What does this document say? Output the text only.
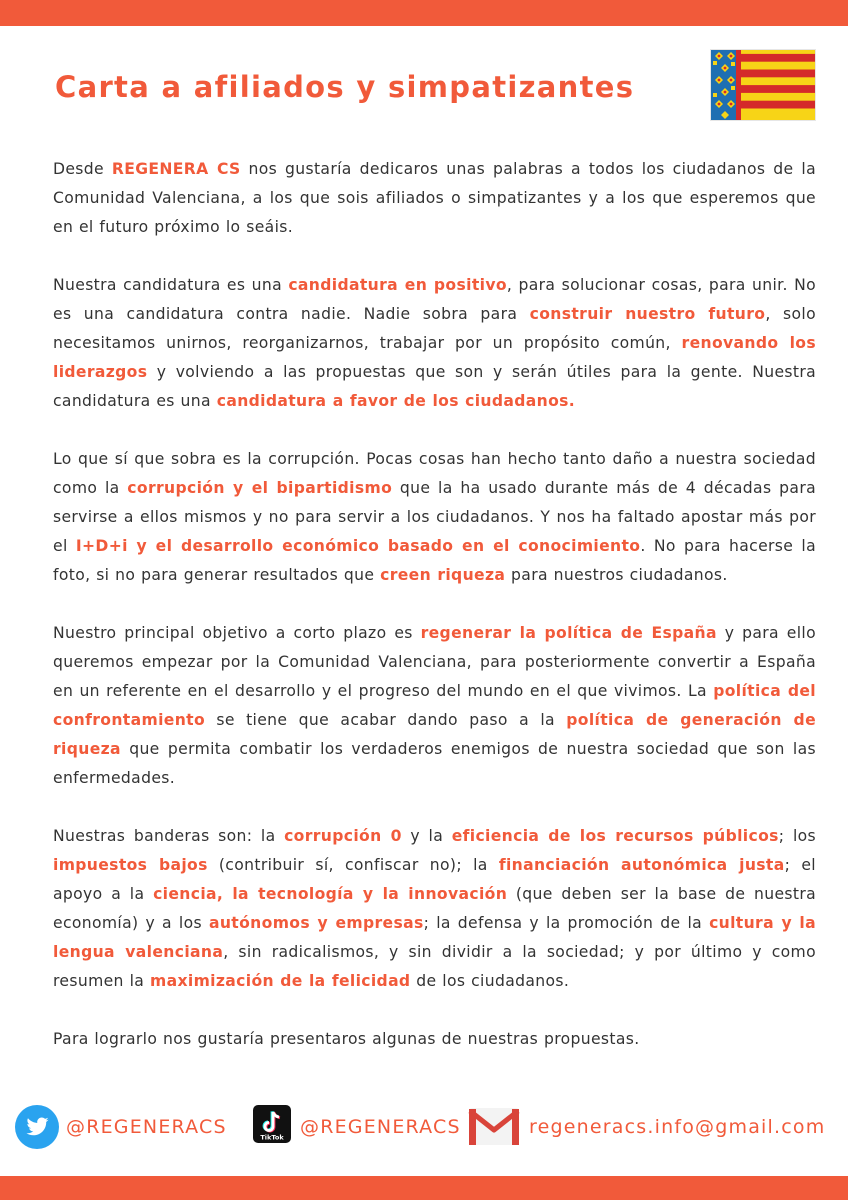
Carta a afiliados y simpatizantes

Desde REGENERA CS nos gustaría dedicaros unas palabras a todos los ciudadanos de la Comunidad Valenciana, a los que sois afiliados o simpatizantes y a los que esperemos que en el futuro próximo lo seáis.

Nuestra candidatura es una candidatura en positivo, para solucionar cosas, para unir. No es una candidatura contra nadie. Nadie sobra para construir nuestro futuro, solo necesitamos unirnos, reorganizarnos, trabajar por un propósito común, renovando los liderazgos y volviendo a las propuestas que son y serán útiles para la gente. Nuestra candidatura es una candidatura a favor de los ciudadanos.

Lo que sí que sobra es la corrupción. Pocas cosas han hecho tanto daño a nuestra sociedad como la corrupción y el bipartidismo que la ha usado durante más de 4 décadas para servirse a ellos mismos y no para servir a los ciudadanos. Y nos ha faltado apostar más por el I+D+i y el desarrollo económico basado en el conocimiento. No para hacerse la foto, si no para generar resultados que creen riqueza para nuestros ciudadanos.

Nuestro principal objetivo a corto plazo es regenerar la política de España y para ello queremos empezar por la Comunidad Valenciana, para posteriormente convertir a España en un referente en el desarrollo y el progreso del mundo en el que vivimos. La política del confrontamiento se tiene que acabar dando paso a la política de generación de riqueza que permita combatir los verdaderos enemigos de nuestra sociedad que son las enfermedades.

Nuestras banderas son: la corrupción 0 y la eficiencia de los recursos públicos; los impuestos bajos (contribuir sí, confiscar no); la financiación autonómica justa; el apoyo a la ciencia, la tecnología y la innovación (que deben ser la base de nuestra economía) y a los autónomos y empresas; la defensa y la promoción de la cultura y la lengua valenciana, sin radicalismos, y sin dividir a la sociedad; y por último y como resumen la maximización de la felicidad de los ciudadanos.

Para lograrlo nos gustaría presentaros algunas de nuestras propuestas.

@REGENERACS	TikTok @REGENERACS	regeneracs.info@gmail.com
